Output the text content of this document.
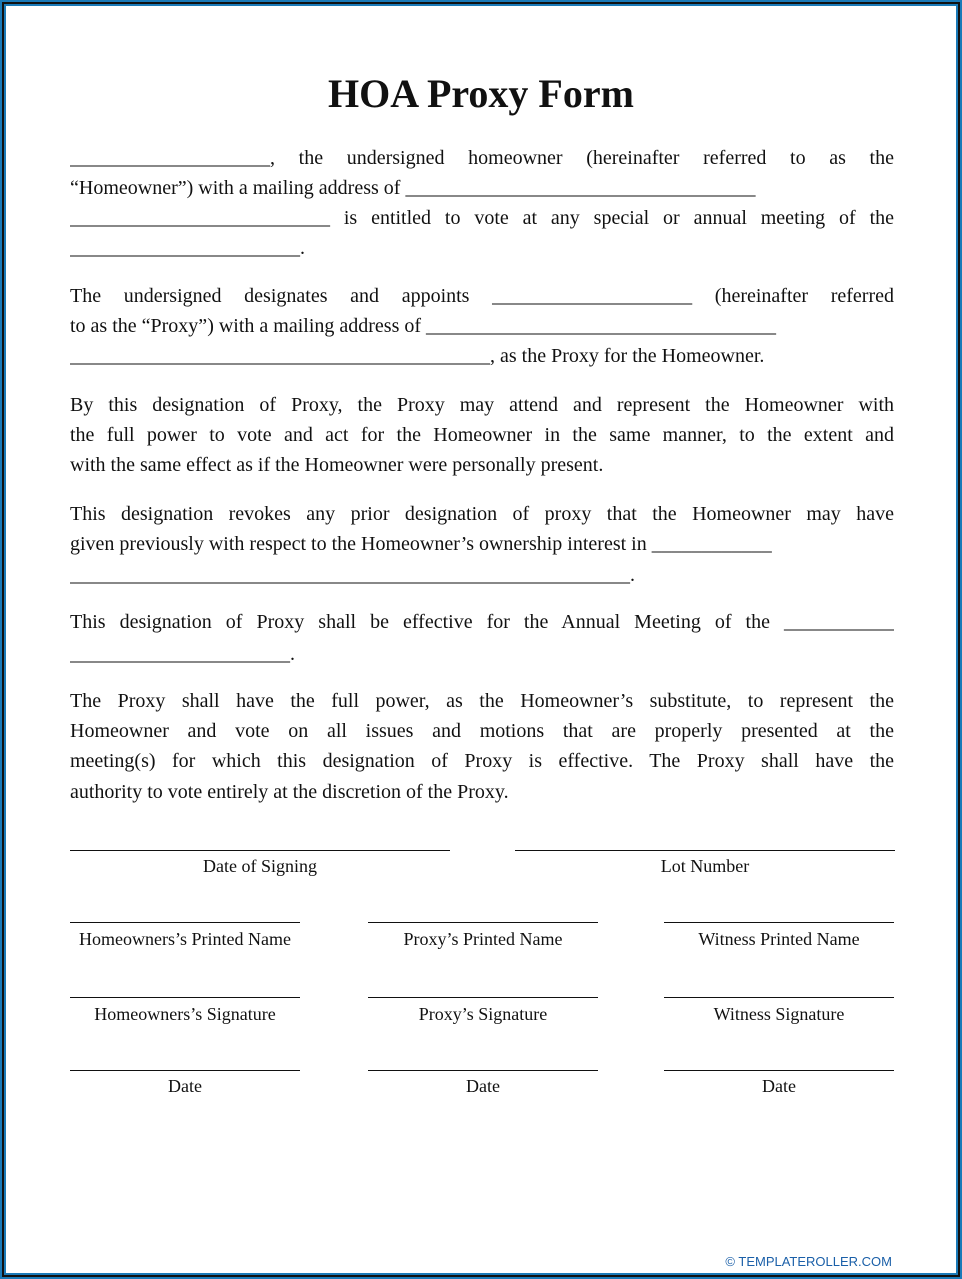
HOA Proxy Form
© TEMPLATEROLLER.COM
____________________, the undersigned homeowner (hereinafter referred to as the
“Homeowner”) with a mailing address of ___________________________________
__________________________ is entitled to vote at any special or annual meeting of the
_______________________.
The undersigned designates and appoints ____________________ (hereinafter referred
to as the “Proxy”) with a mailing address of ___________________________________
__________________________________________, as the Proxy for the Homeowner.
By this designation of Proxy, the Proxy may attend and represent the Homeowner with
the full power to vote and act for the Homeowner in the same manner, to the extent and
with the same effect as if the Homeowner were personally present.
This designation revokes any prior designation of proxy that the Homeowner may have
given previously with respect to the Homeowner’s ownership interest in ____________
________________________________________________________.
This designation of Proxy shall be effective for the Annual Meeting of the ___________
______________________.
The Proxy shall have the full power, as the Homeowner’s substitute, to represent the
Homeowner and vote on all issues and motions that are properly presented at the
meeting(s) for which this designation of Proxy is effective. The Proxy shall have the
authority to vote entirely at the discretion of the Proxy.
Date of Signing	Lot Number
Homeowners’s Printed Name	Proxy’s Printed Name	Witness Printed Name
Homeowners’s Signature	Proxy’s Signature	Witness Signature
Date	Date	Date
